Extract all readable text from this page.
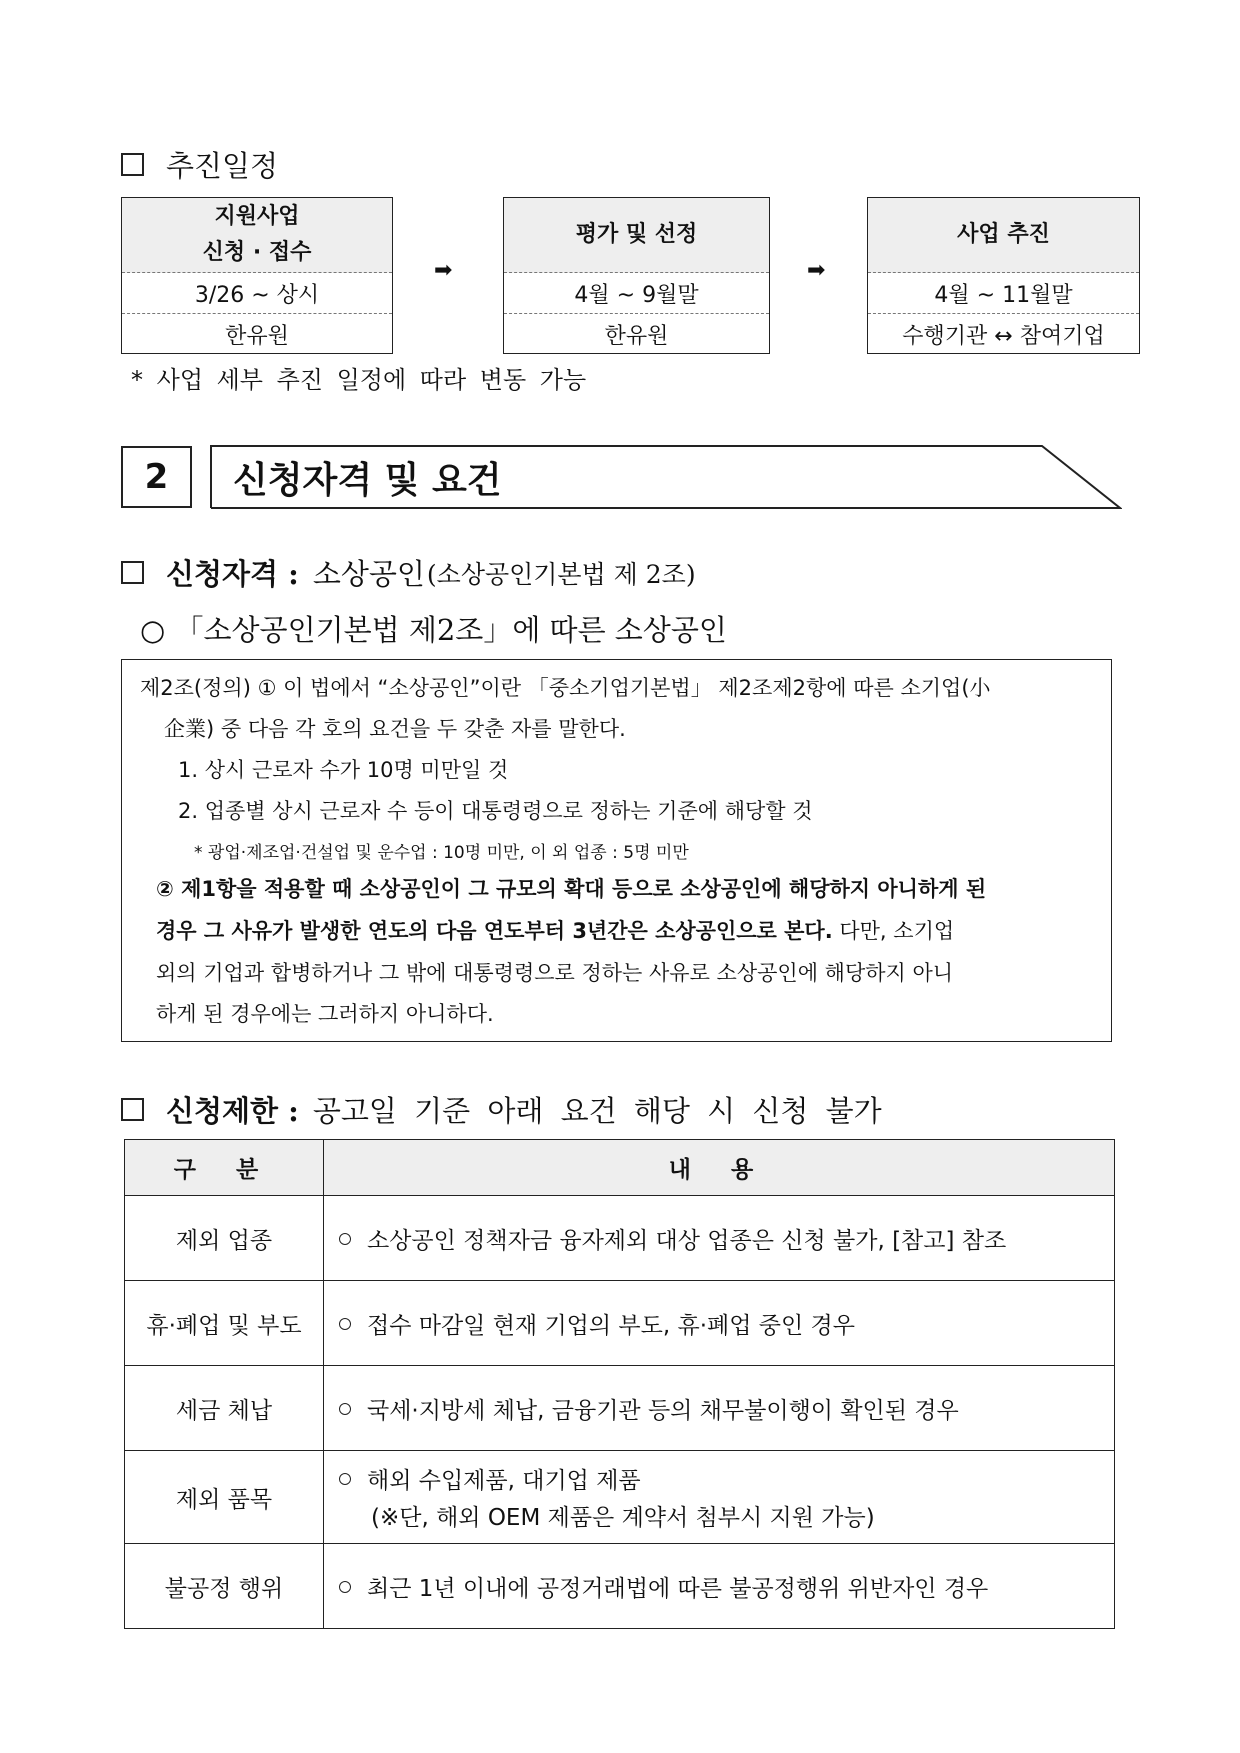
추진일정
지원사업
신청 · 접수
3/26 ~ 상시
한유원
➡
평가 및 선정
4월 ~ 9월말
한유원
➡
사업 추진
4월 ~ 11월말
수행기관 ↔ 참여기업
* 사업 세부 추진 일정에 따라 변동 가능
2	신청자격 및 요건
신청자격 : 소상공인 (소상공인기본법 제 2조)
○ 「소상공인기본법 제2조」에 따른 소상공인
제2조(정의) ① 이 법에서 “소상공인”이란 「중소기업기본법」 제2조제2항에 따른 소기업(小
企業) 중 다음 각 호의 요건을 두 갖춘 자를 말한다.
1. 상시 근로자 수가 10명 미만일 것
2. 업종별 상시 근로자 수 등이 대통령령으로 정하는 기준에 해당할 것
* 광업·제조업·건설업 및 운수업 : 10명 미만, 이 외 업종 : 5명 미만
② 제1항을 적용할 때 소상공인이 그 규모의 확대 등으로 소상공인에 해당하지 아니하게 된
경우 그 사유가 발생한 연도의 다음 연도부터 3년간은 소상공인으로 본다. 다만, 소기업
외의 기업과 합병하거나 그 밖에 대통령령으로 정하는 사유로 소상공인에 해당하지 아니
하게 된 경우에는 그러하지 아니하다.
신청제한 : 공고일 기준 아래 요건 해당 시 신청 불가
구 분	내 용
제외 업종	소상공인 정책자금 융자제외 대상 업종은 신청 불가, [참고] 참조
휴·폐업 및 부도	접수 마감일 현재 기업의 부도, 휴·폐업 중인 경우
세금 체납	국세·지방세 체납, 금융기관 등의 채무불이행이 확인된 경우
제외 품목	해외 수입제품, 대기업 제품
(※단, 해외 OEM 제품은 계약서 첨부시 지원 가능)

불공정 행위	최근 1년 이내에 공정거래법에 따른 불공정행위 위반자인 경우
